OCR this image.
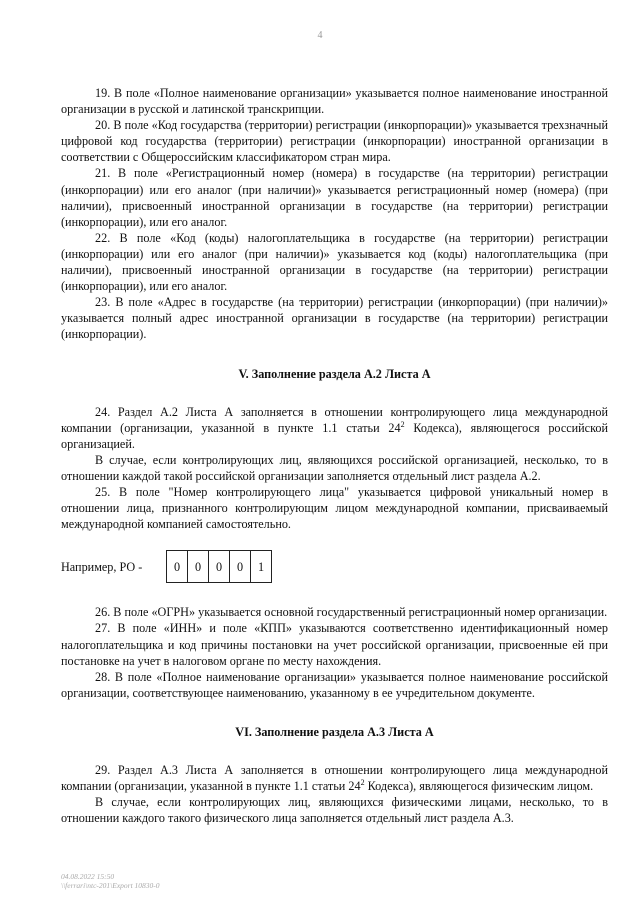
4

19. В поле «Полное наименование организации» указывается полное наименование иностранной организации в русской и латинской транскрипции.

20. В поле «Код государства (территории) регистрации (инкорпорации)» указывается трехзначный цифровой код государства (территории) регистрации (инкорпорации) иностранной организации в соответствии с Общероссийским классификатором стран мира.

21. В поле «Регистрационный номер (номера) в государстве (на территории) регистрации (инкорпорации) или его аналог (при наличии)» указывается регистрационный номер (номера) (при наличии), присвоенный иностранной организации в государстве (на территории) регистрации (инкорпорации), или его аналог.

22. В поле «Код (коды) налогоплательщика в государстве (на территории) регистрации (инкорпорации) или его аналог (при наличии)» указывается код (коды) налогоплательщика (при наличии), присвоенный иностранной организации в государстве (на территории) регистрации (инкорпорации), или его аналог.

23. В поле «Адрес в государстве (на территории) регистрации (инкорпорации) (при наличии)» указывается полный адрес иностранной организации в государстве (на территории) регистрации (инкорпорации).

V. Заполнение раздела А.2 Листа А

24. Раздел А.2 Листа А заполняется в отношении контролирующего лица международной компании (организации, указанной в пункте 1.1 статьи $24^2$ Кодекса), являющегося российской организацией.

В случае, если контролирующих лиц, являющихся российской организацией, несколько, то в отношении каждой такой российской организации заполняется отдельный лист раздела А.2.

25. В поле "Номер контролирующего лица" указывается цифровой уникальный номер в отношении лица, признанного контролирующим лицом международной компании, присваиваемый международной компанией самостоятельно.

Например, РО -	0	0	0	0	1

26. В поле «ОГРН» указывается основной государственный регистрационный номер организации.

27. В поле «ИНН» и поле «КПП» указываются соответственно идентификационный номер налогоплательщика и код причины постановки на учет российской организации, присвоенные ей при постановке на учет в налоговом органе по месту нахождения.

28. В поле «Полное наименование организации» указывается полное наименование российской организации, соответствующее наименованию, указанному в ее учредительном документе.

VI. Заполнение раздела А.3 Листа А

29. Раздел А.3 Листа А заполняется в отношении контролирующего лица международной компании (организации, указанной в пункте 1.1 статьи $24^2$ Кодекса), являющегося физическим лицом.

В случае, если контролирующих лиц, являющихся физическими лицами, несколько, то в отношении каждого такого физического лица заполняется отдельный лист раздела А.3.

04.08.2022 15:50
\\ferrari\ntc-201\Export 10830-0
